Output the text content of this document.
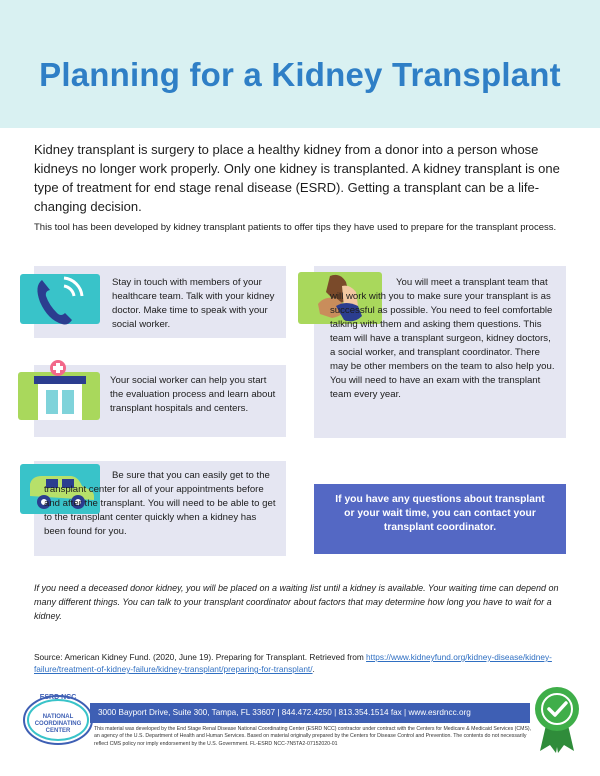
Planning for a Kidney Transplant

Kidney transplant is surgery to place a healthy kidney from a donor into a person whose kidneys no longer work properly. Only one kidney is transplanted. A kidney transplant is one type of treatment for end stage renal disease (ESRD). Getting a transplant can be a life-changing decision.

This tool has been developed by kidney transplant patients to offer tips they have used to prepare for the transplant process.

Stay in touch with members of your healthcare team. Talk with your kidney doctor. Make time to speak with your social worker.

Your social worker can help you start the evaluation process and learn about transplant hospitals and centers.

Be sure that you can easily get to the transplant center for all of your appointments before and after the transplant. You will need to be able to get to the transplant center quickly when a kidney has been found for you.

You will meet a transplant team that will work with you to make sure your transplant is as successful as possible. You need to feel comfortable talking with them and asking them questions. This team will have a transplant surgeon, kidney doctors, a social worker, and transplant coordinator. There may be other members on the team to also help you. You will need to have an exam with the transplant team every year.

If you have any questions about transplant or your wait time, you can contact your transplant coordinator.

If you need a deceased donor kidney, you will be placed on a waiting list until a kidney is available. Your waiting time can depend on many different things. You can talk to your transplant coordinator about factors that may determine how long you have to wait for a kidney.

Source: American Kidney Fund. (2020, June 19). Preparing for Transplant. Retrieved from https://www.kidneyfund.org/kidney-disease/kidney-failure/treatment-of-kidney-failure/kidney-transplant/preparing-for-transplant/.

ESRD NCC
NATIONAL
COORDINATING
CENTER
3000 Bayport Drive, Suite 300, Tampa, FL 33607 | 844.472.4250 | 813.354.1514 fax | www.esrdncc.org

This material was developed by the End Stage Renal Disease National Coordinating Center (ESRD NCC) contractor under contract with the Centers for Medicare & Medicaid Services (CMS), an agency of the U.S. Department of Health and Human Services. Based on material originally prepared by the Centers for Disease Control and Prevention. The contents do not necessarily reflect CMS policy nor imply endorsement by the U.S. Government. FL-ESRD NCC-7N5TA2-07152020-01
